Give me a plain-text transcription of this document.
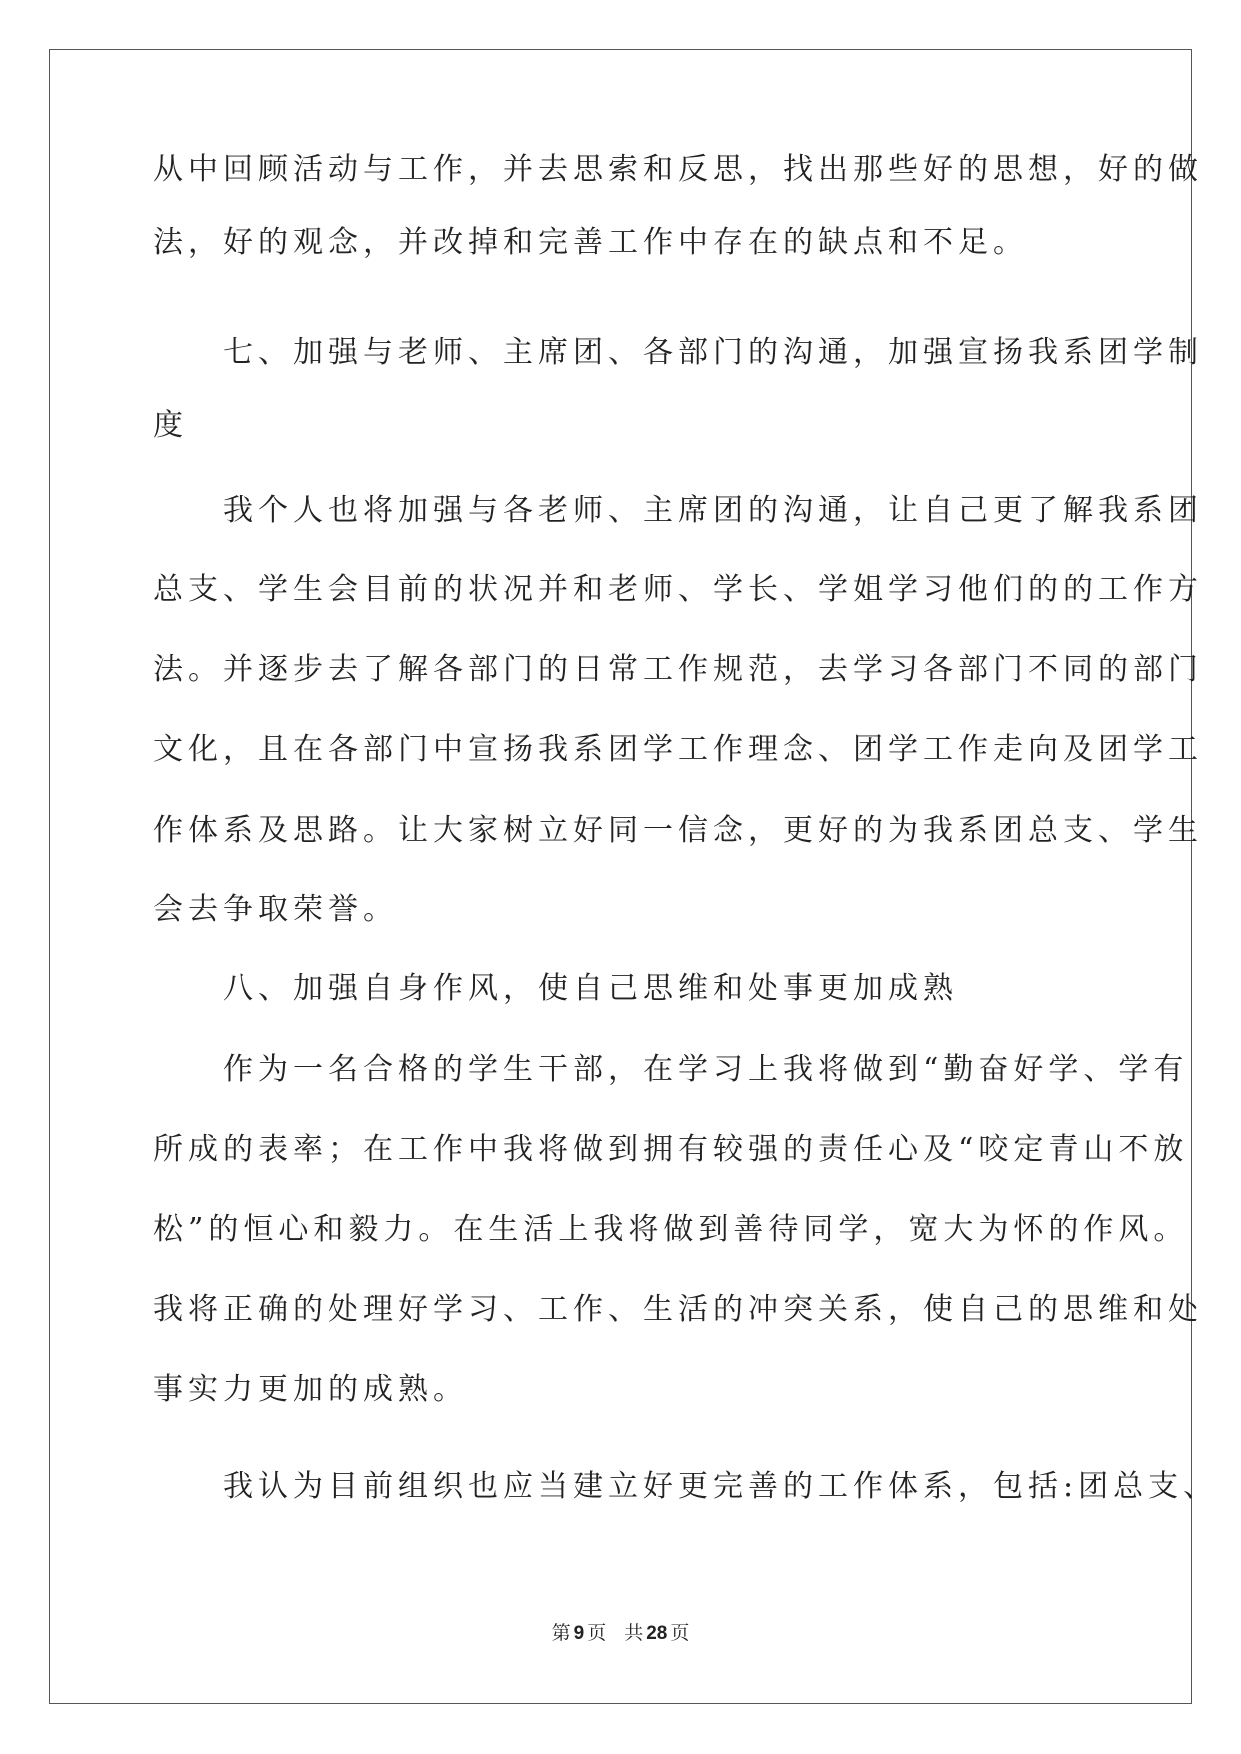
从中回顾活动与工作，并去思索和反思，找出那些好的思想，好的做
法，好的观念，并改掉和完善工作中存在的缺点和不足。
　　七、加强与老师、主席团、各部门的沟通，加强宣扬我系团学制
度
　　我个人也将加强与各老师、主席团的沟通，让自己更了解我系团
总支、学生会目前的状况并和老师、学长、学姐学习他们的的工作方
法。并逐步去了解各部门的日常工作规范，去学习各部门不同的部门
文化，且在各部门中宣扬我系团学工作理念、团学工作走向及团学工
作体系及思路。让大家树立好同一信念，更好的为我系团总支、学生
会去争取荣誉。
　　八、加强自身作风，使自己思维和处事更加成熟
　　作为一名合格的学生干部，在学习上我将做到“勤奋好学、学有
所成的表率；在工作中我将做到拥有较强的责任心及“咬定青山不放
松”的恒心和毅力。在生活上我将做到善待同学，宽大为怀的作风。
我将正确的处理好学习、工作、生活的冲突关系，使自己的思维和处
事实力更加的成熟。
　　我认为目前组织也应当建立好更完善的工作体系，包括:团总支、
第 9 页 共 28 页
